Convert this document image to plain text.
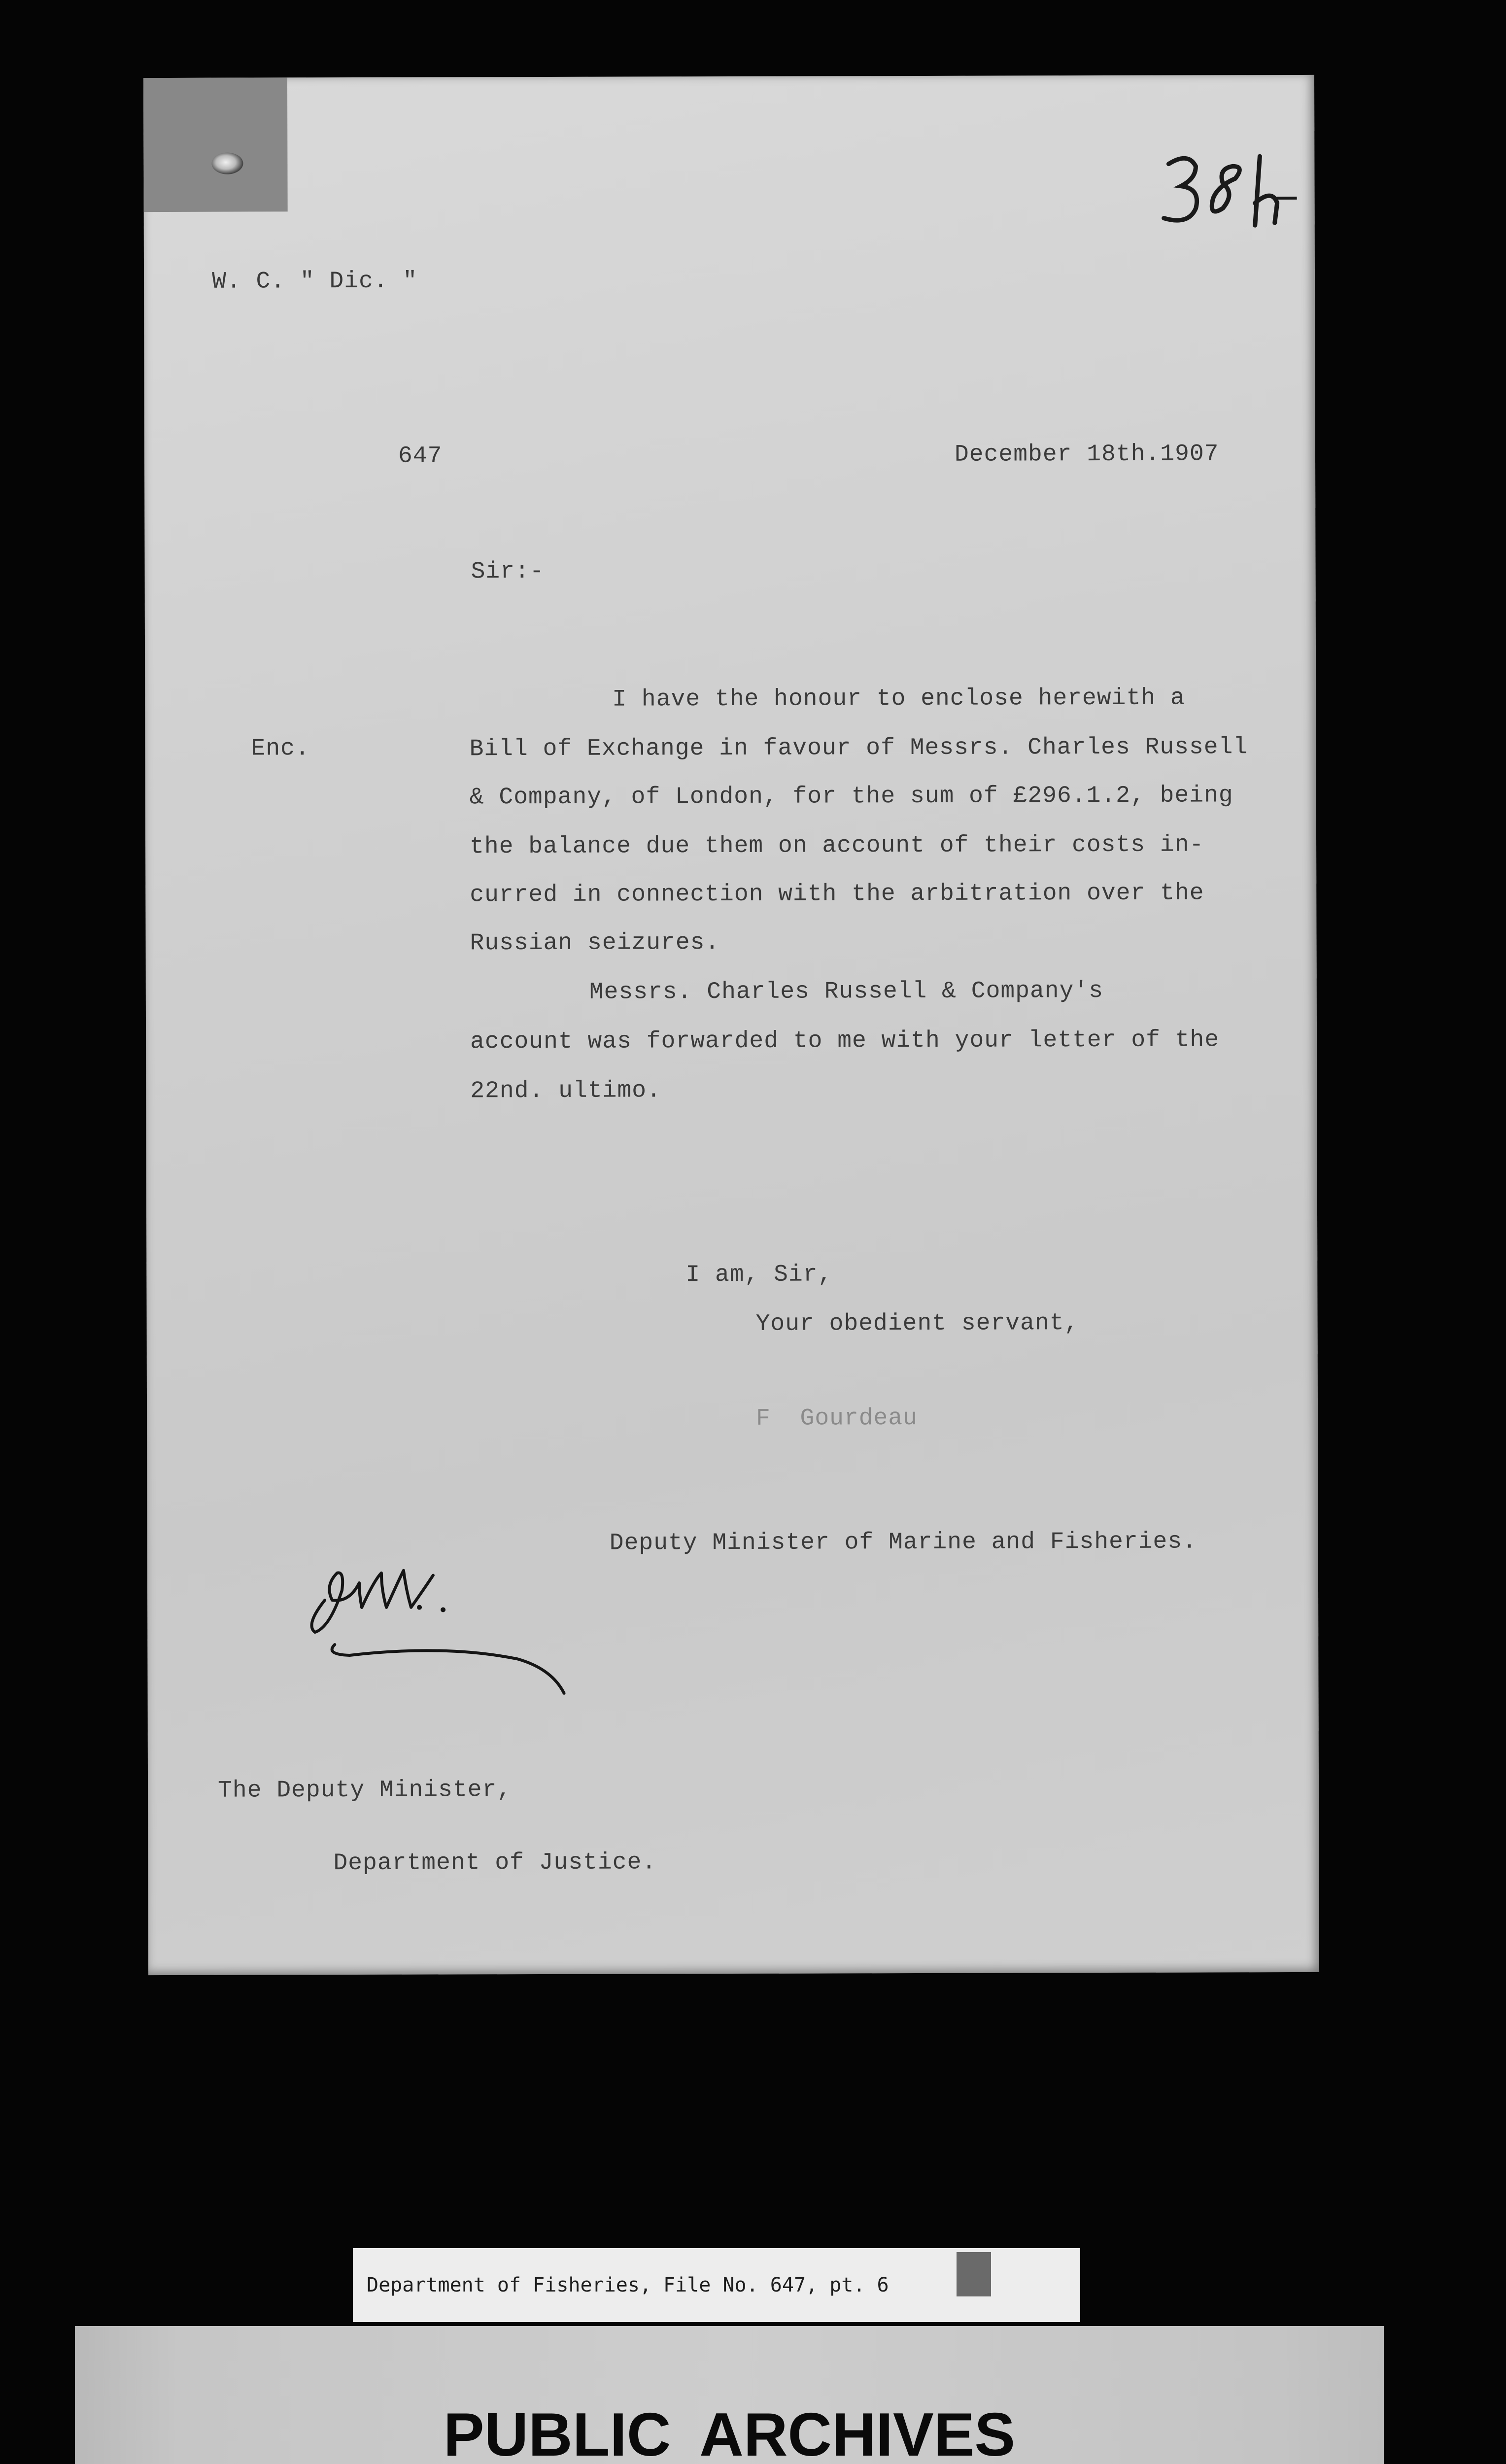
W. C. " Dic. "
647	December 18th.1907
Sir:-
Enc.
I have the honour to enclose herewith a
Bill of Exchange in favour of Messrs. Charles Russell
& Company, of London, for the sum of £296.1.2, being
the balance due them on account of their costs in-
curred in connection with the arbitration over the
Russian seizures.
Messrs. Charles Russell & Company's
account was forwarded to me with your letter of the
22nd. ultimo.
I am, Sir,
Your obedient servant,
F  Gourdeau
Deputy Minister of Marine and Fisheries.
The Deputy Minister,
Department of Justice.
Department of Fisheries, File No. 647, pt. 6
PUBLIC ARCHIVES
